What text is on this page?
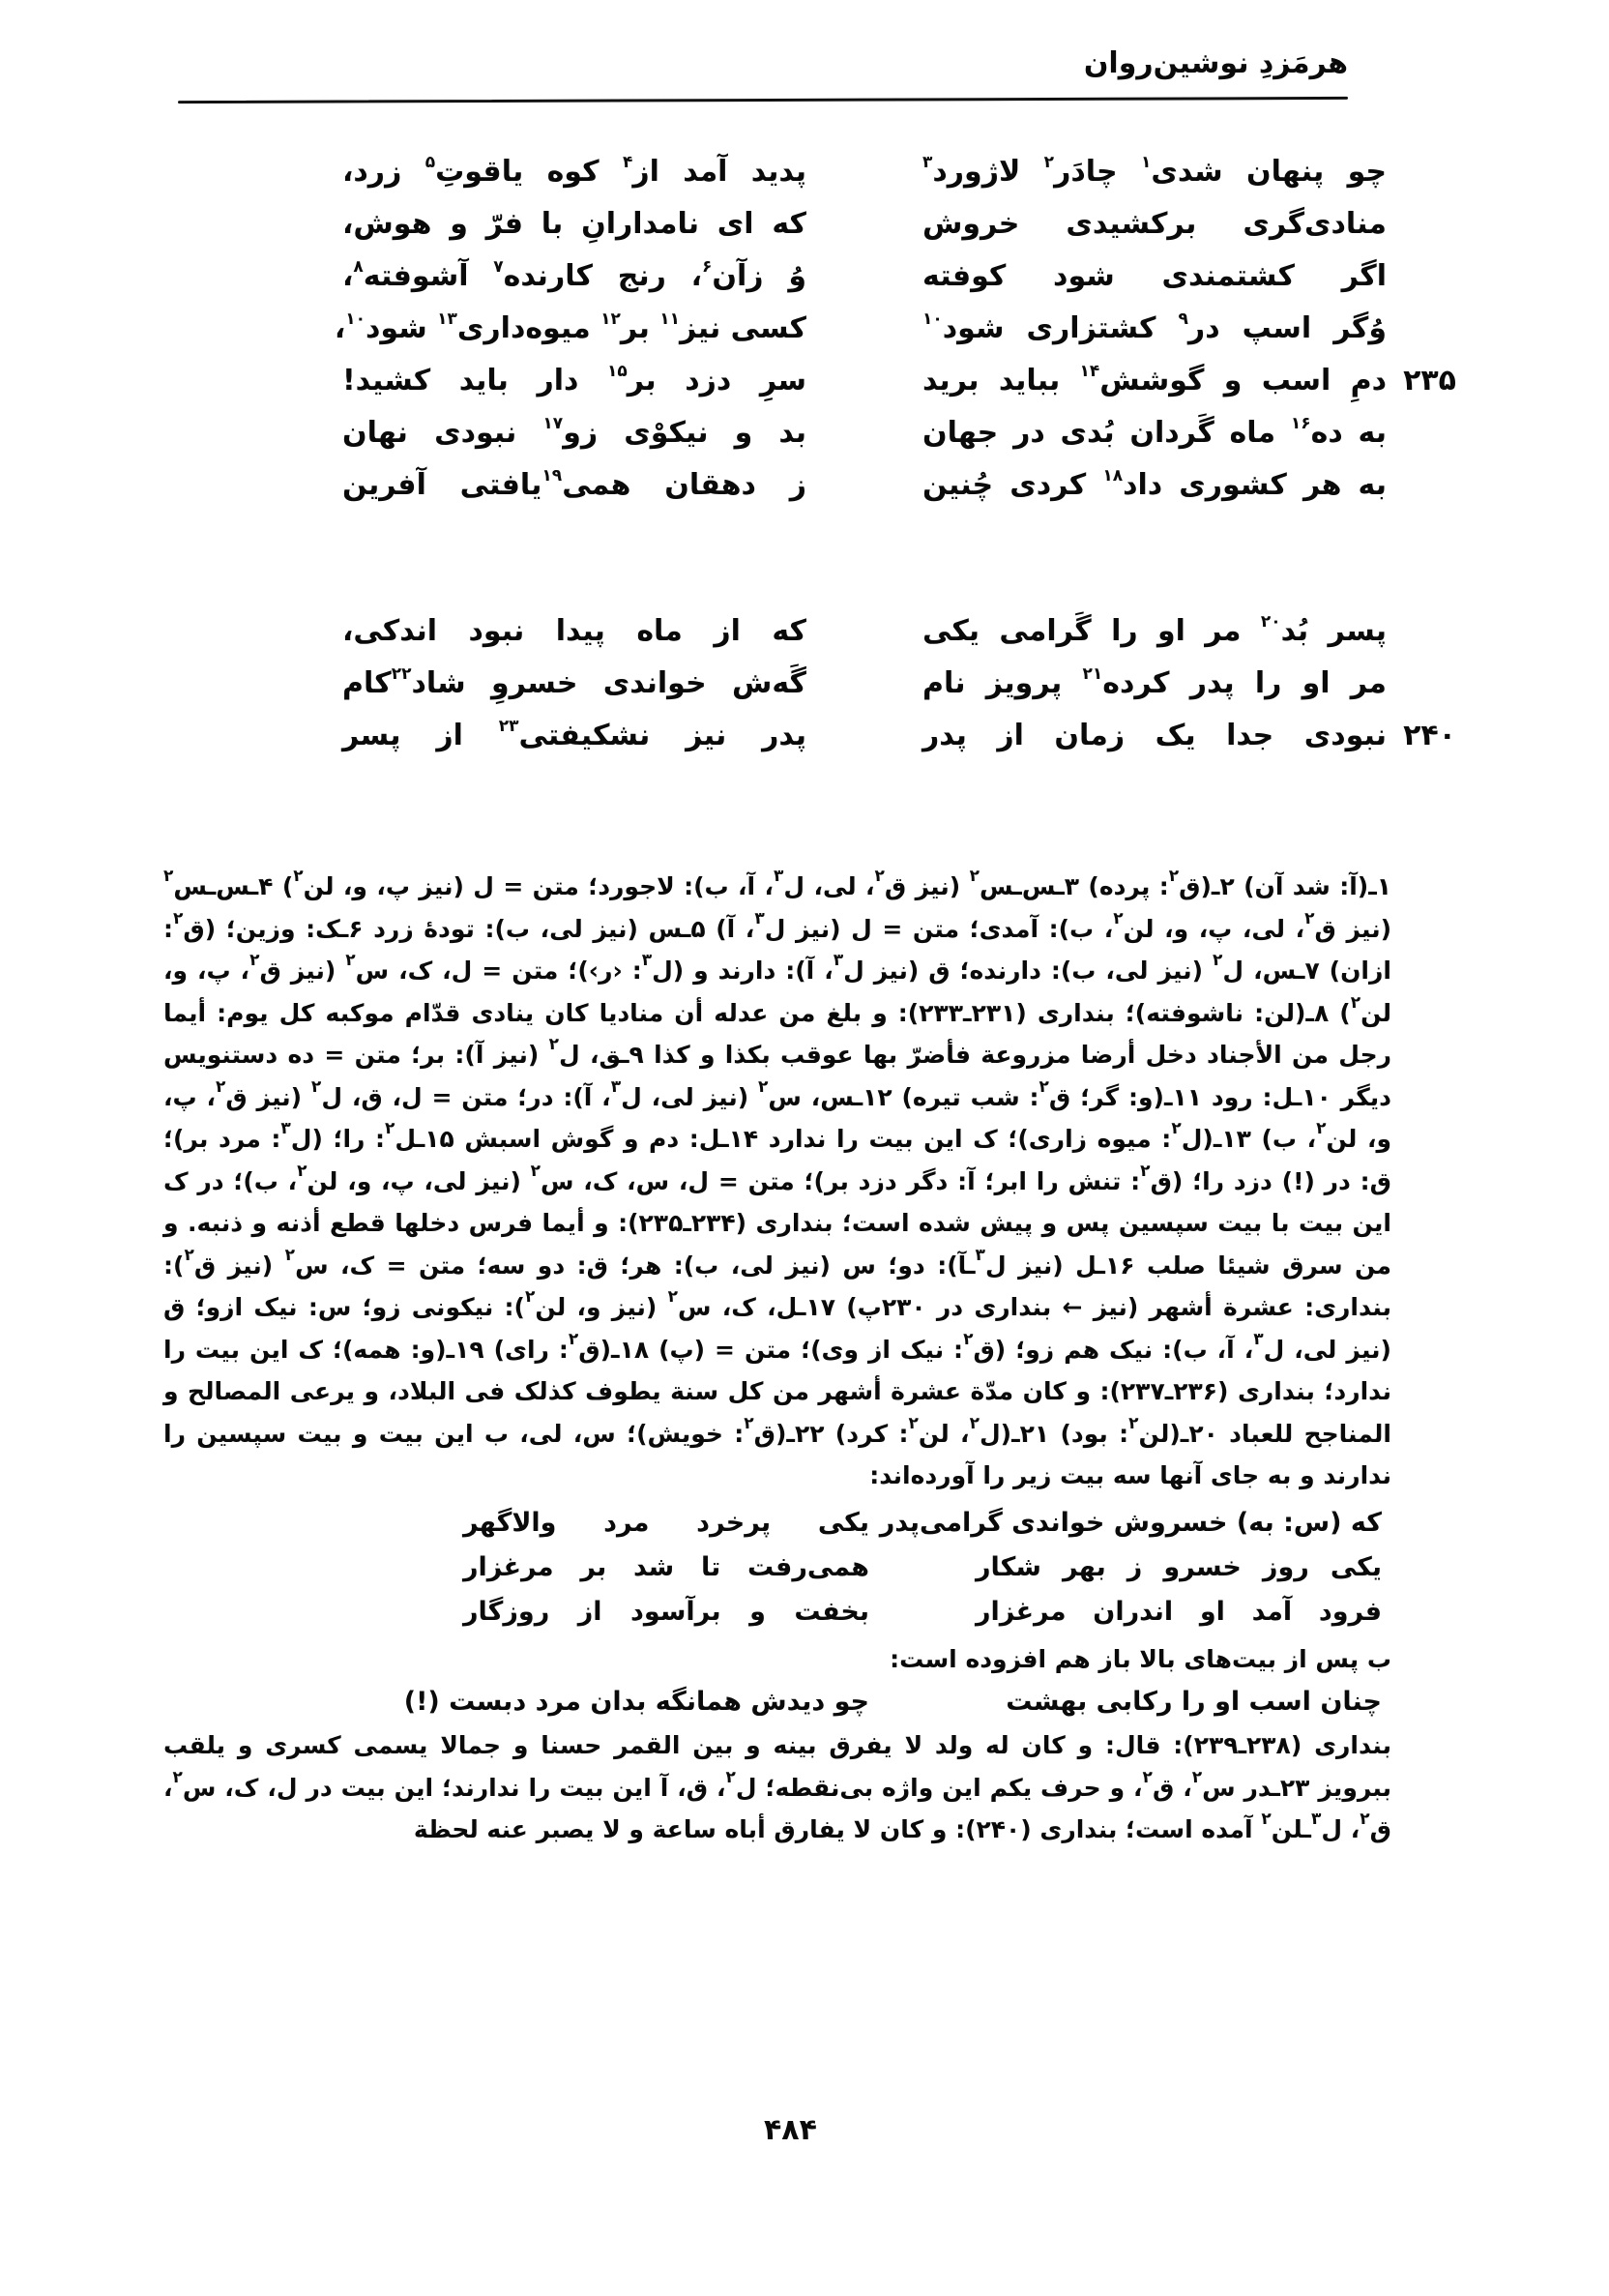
هرمَزدِ نوشین‌روان
چو پنهان شدی$^۱$ چادَر$^۲$ لاژورد$^۳$
پدید آمد از$^۴$ کوه یاقوتِ$^۵$ زرد،
منادی‌گری برکشیدی خروش
که ای نامدارانِ با فرّ و هوش،
اگر کشتمندی شود کوفته
وُ زآن$^۶$، رنج کارنده$^۷$ آشوفته$^۸$،
وُگر اسپ در$^۹$ کشتزاری شود$^{۱۰}$
کسی نیز$^{۱۱}$ بر$^{۱۲}$ میوه‌داری$^{۱۳}$ شود$^{۱۰}$،
۲۳۵
دمِ اسب و گوشش$^{۱۴}$ بباید برید
سرِ دزد بر$^{۱۵}$ دار باید کشید!
به ده$^{۱۶}$ ماه گَردان بُدی در جهان
بد و نیکوْی زو$^{۱۷}$ نبودی نهان
به هر کشوری داد$^{۱۸}$ کردی چُنین
ز دهقان همی$^{۱۹}$یافتی آفرین
پسر بُد$^{۲۰}$ مر او را گَرامی یکی
که از ماه پیدا نبود اندکی،
مر او را پدر کرده$^{۲۱}$ پرویز نام
گَه‌ش خواندی خسروِ شاد$^{۲۲}$کام
۲۴۰
نبودی جدا یک زمان از پدر
پدر نیز نشکیفتی$^{۲۳}$ از پسر

۱ـ(آ: شد آن) ۲ـ(ق$^۲$: پرده) ۳ـس‌ـس$^۲$ (نیز ق$^۲$، لی، ل$^۳$، آ، ب): لاجورد؛ متن = ل (نیز پ، و، لن$^۲$) ۴ـس‌ـس$^۲$ (نیز ق$^۲$، لی، پ، و، لن$^۲$، ب): آمدی؛ متن = ل (نیز ل$^۳$، آ) ۵ـس (نیز لی، ب): تودهٔ زرد ۶ـک: وزین؛ (ق$^۲$: ازان) ۷ـس، ل$^۲$ (نیز لی، ب): دارنده؛ ق (نیز ل$^۳$، آ): دارند و (ل$^۳$: ‹ر›)؛ متن = ل، ک، س$^۲$ (نیز ق$^۲$، پ، و، لن$^۲$) ۸ـ(لن: ناشوفته)؛ بنداری (۲۳۱ـ۲۳۳): و بلغ من عدله أن منادیا کان ینادی قدّام موکبه کل یوم: أیما رجل من الأجناد دخل أرضا مزروعة فأضرّ بها عوقب بکذا و کذا ۹ـق، ل$^۲$ (نیز آ): بر؛ متن = ده دستنویس دیگر ۱۰ـل: رود ۱۱ـ(و: گر؛ ق$^۲$: شب تیره) ۱۲ـس، س$^۲$ (نیز لی، ل$^۳$، آ): در؛ متن = ل، ق، ل$^۲$ (نیز ق$^۲$، پ، و، لن$^۲$، ب) ۱۳ـ(ل$^۲$: میوه زاری)؛ ک این بیت را ندارد ۱۴ـل: دم و گوش اسبش ۱۵ـل$^۲$: را؛ (ل$^۳$: مرد بر)؛ ق: در (!) دزد را؛ (ق$^۲$: تنش را ابر؛ آ: دگر دزد بر)؛ متن = ل، س، ک، س$^۲$ (نیز لی، پ، و، لن$^۲$، ب)؛ در ک این بیت با بیت سپسین پس و پیش شده است؛ بنداری (۲۳۴ـ۲۳۵): و أیما فرس دخلها قطع أذنه و ذنبه. و من سرق شیئا صلب ۱۶ـل (نیز ل$^۳$ـآ): دو؛ س (نیز لی، ب): هر؛ ق: دو سه؛ متن = ک، س$^۲$ (نیز ق$^۲$): بنداری: عشرة أشهر (نیز ← بنداری در ۲۳۰پ) ۱۷ـل، ک، س$^۲$ (نیز و، لن$^۲$): نیکونی زو؛ س: نیک ازو؛ ق (نیز لی، ل$^۳$، آ، ب): نیک هم زو؛ (ق$^۲$: نیک از وی)؛ متن = (پ) ۱۸ـ(ق$^۲$: رای) ۱۹ـ(و: همه)؛ ک این بیت را ندارد؛ بنداری (۲۳۶ـ۲۳۷): و کان مدّة عشرة أشهر من کل سنة یطوف کذلک فی البلاد، و یرعی المصالح و المناجح للعباد ۲۰ـ(لن$^۲$: بود) ۲۱ـ(ل$^۲$، لن$^۲$: کرد) ۲۲ـ(ق$^۲$: خویش)؛ س، لی، ب این بیت و بیت سپسین را ندارند و به جای آنها سه بیت زیر را آورده‌اند:

که (س: به) خسروش خواندی گرامی‌پدر
یکی پرخرد مرد والاگهر
یکی روز خسرو ز بهر شکار
همی‌رفت تا شد بر مرغزار
فرود آمد او اندران مرغزار
بخفت و برآسود از روزگار

ب پس از بیت‌های بالا باز هم افزوده است:

چنان اسب او را رکابی بهشت
چو دیدش همانگه بدان مرد دبست (!)

بنداری (۲۳۸ـ۲۳۹): قال: و کان له ولد لا یفرق بینه و بین القمر حسنا و جمالا یسمی کسری و یلقب ببرویز ۲۳ـدر س$^۲$، ق$^۲$، و حرف یکم این واژه بی‌نقطه؛ ل$^۲$، ق، آ این بیت را ندارند؛ این بیت در ل، ک، س$^۲$، ق$^۲$، ل$^۳$ـلن$^۲$ آمده است؛ بنداری (۲۴۰): و کان لا یفارق أباه ساعة و لا یصبر عنه لحظة

۴۸۴
